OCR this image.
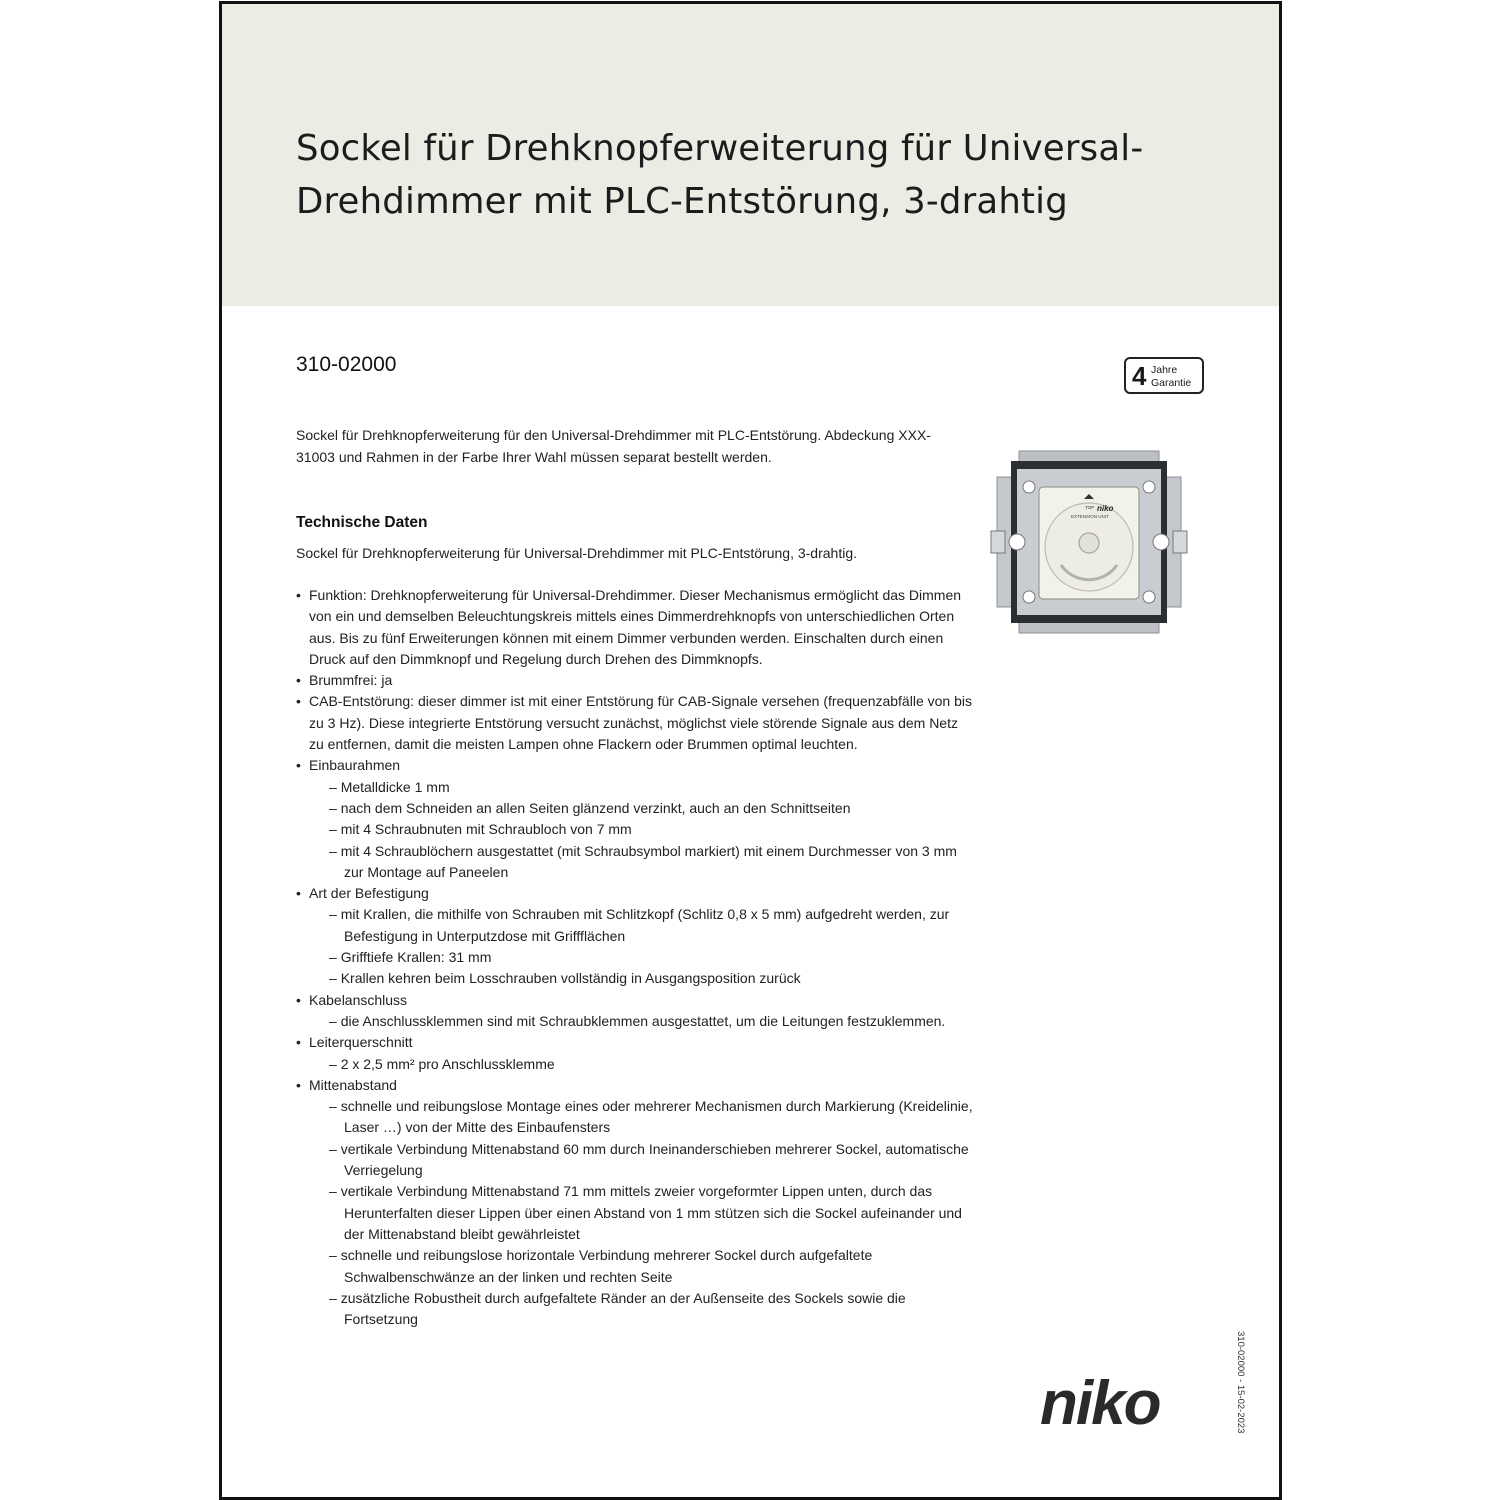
Sockel für Drehknopferweiterung für Universal-Drehdimmer mit PLC-Entstörung, 3-drahtig
310-02000	4 Jahre
Garantie

Sockel für Drehknopferweiterung für den Universal-Drehdimmer mit PLC-Entstörung. Abdeckung XXX-31003 und Rahmen in der Farbe Ihrer Wahl müssen separat bestellt werden.

TOP niko
EXTENSION UNIT
Technische Daten

Sockel für Drehknopferweiterung für Universal-Drehdimmer mit PLC-Entstörung, 3-drahtig.

• Funktion: Drehknopferweiterung für Universal-Drehdimmer. Dieser Mechanismus ermöglicht das Dimmen von ein und demselben Beleuchtungskreis mittels eines Dimmerdrehknopfs von unterschiedlichen Orten aus. Bis zu fünf Erweiterungen können mit einem Dimmer verbunden werden. Einschalten durch einen Druck auf den Dimmknopf und Regelung durch Drehen des Dimmknopfs.
• Brummfrei: ja
• CAB-Entstörung: dieser dimmer ist mit einer Entstörung für CAB-Signale versehen (frequenzabfälle von bis zu 3 Hz). Diese integrierte Entstörung versucht zunächst, möglichst viele störende Signale aus dem Netz zu entfernen, damit die meisten Lampen ohne Flackern oder Brummen optimal leuchten.
• Einbaurahmen
– Metalldicke 1 mm
– nach dem Schneiden an allen Seiten glänzend verzinkt, auch an den Schnittseiten
– mit 4 Schraubnuten mit Schraubloch von 7 mm
– mit 4 Schraublöchern ausgestattet (mit Schraubsymbol markiert) mit einem Durchmesser von 3 mm zur Montage auf Paneelen
• Art der Befestigung
– mit Krallen, die mithilfe von Schrauben mit Schlitzkopf (Schlitz 0,8 x 5 mm) aufgedreht werden, zur Befestigung in Unterputzdose mit Griffflächen
– Grifftiefe Krallen: 31 mm
– Krallen kehren beim Losschrauben vollständig in Ausgangsposition zurück
• Kabelanschluss
– die Anschlussklemmen sind mit Schraubklemmen ausgestattet, um die Leitungen festzuklemmen.
• Leiterquerschnitt
– 2 x 2,5 mm² pro Anschlussklemme
• Mittenabstand
– schnelle und reibungslose Montage eines oder mehrerer Mechanismen durch Markierung (Kreidelinie, Laser …) von der Mitte des Einbaufensters
– vertikale Verbindung Mittenabstand 60 mm durch Ineinanderschieben mehrerer Sockel, automatische Verriegelung
– vertikale Verbindung Mittenabstand 71 mm mittels zweier vorgeformter Lippen unten, durch das Herunterfalten dieser Lippen über einen Abstand von 1 mm stützen sich die Sockel aufeinander und der Mittenabstand bleibt gewährleistet
– schnelle und reibungslose horizontale Verbindung mehrerer Sockel durch aufgefaltete Schwalbenschwänze an der linken und rechten Seite
– zusätzliche Robustheit durch aufgefaltete Ränder an der Außenseite des Sockels sowie die Fortsetzung
310-02000 - 15-02-2023
niko
